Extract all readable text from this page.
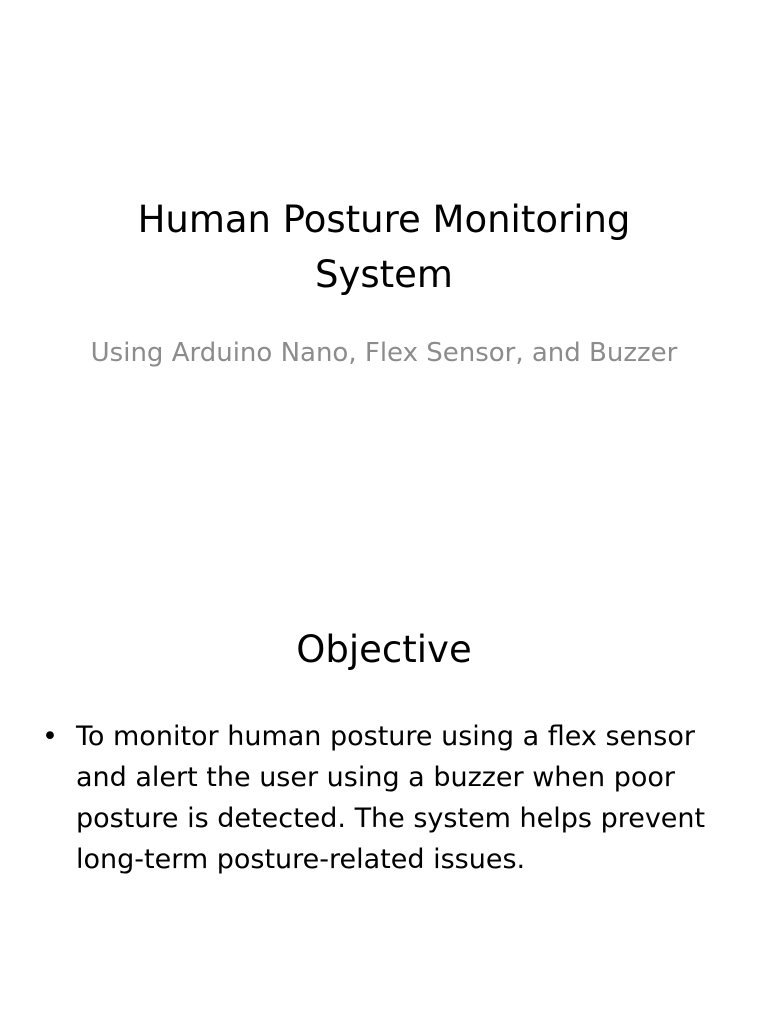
Human Posture Monitoring System
Using Arduino Nano, Flex Sensor, and Buzzer
Objective
• To monitor human posture using a flex sensor and alert the user using a buzzer when poor posture is detected. The system helps prevent long-term posture-related issues.
